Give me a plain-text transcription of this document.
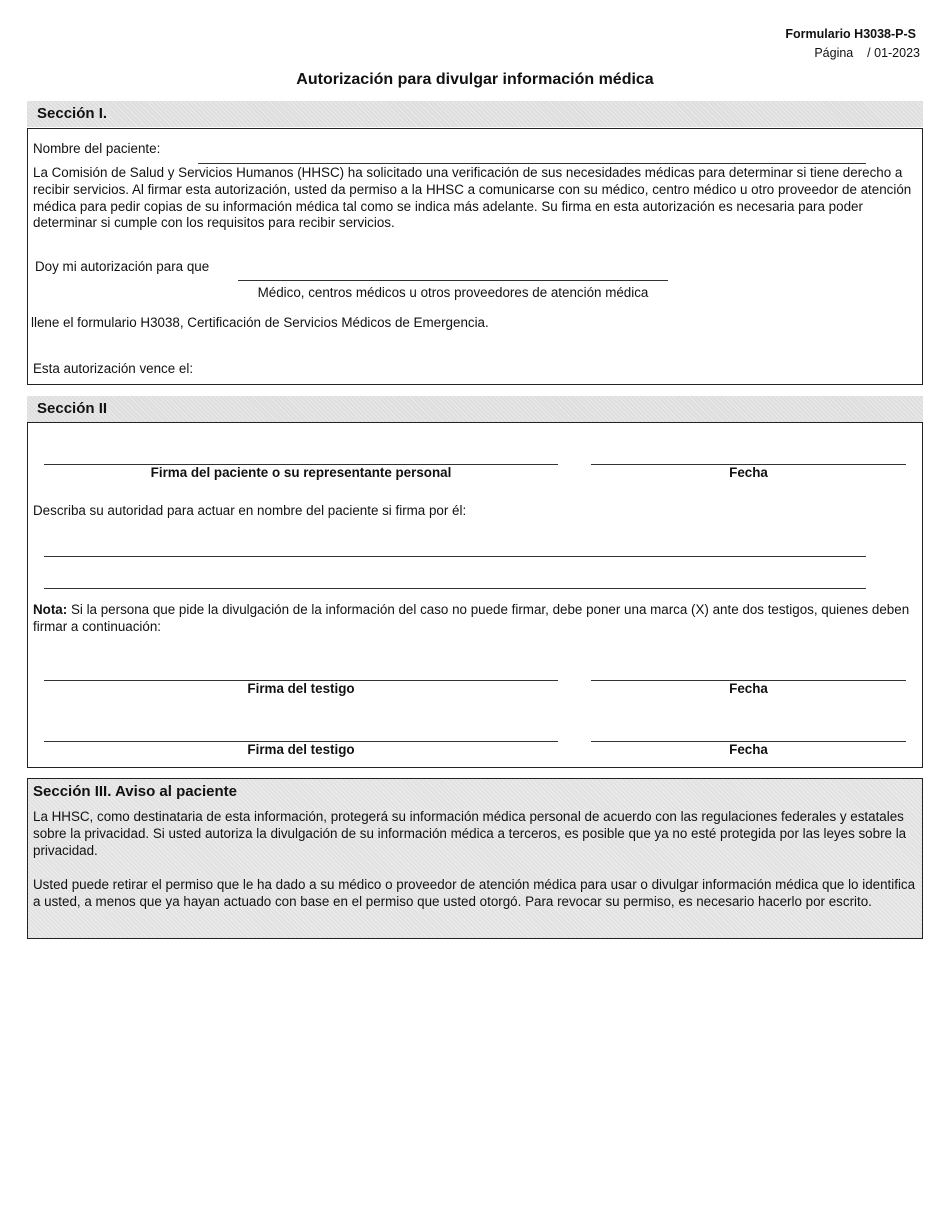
Formulario H3038-P-S
Página / 01-2023
Autorización para divulgar información médica
Sección I.
Nombre del paciente:
La Comisión de Salud y Servicios Humanos (HHSC) ha solicitado una verificación de sus necesidades médicas para determinar si tiene derecho a recibir servicios. Al firmar esta autorización, usted da permiso a la HHSC a comunicarse con su médico, centro médico u otro proveedor de atención médica para pedir copias de su información médica tal como se indica más adelante. Su firma en esta autorización es necesaria para poder determinar si cumple con los requisitos para recibir servicios.
Doy mi autorización para que
Médico, centros médicos u otros proveedores de atención médica
llene el formulario H3038, Certificación de Servicios Médicos de Emergencia.
Esta autorización vence el:
Sección II
Firma del paciente o su representante personal	Fecha
Describa su autoridad para actuar en nombre del paciente si firma por él:
Nota: Si la persona que pide la divulgación de la información del caso no puede firmar, debe poner una marca (X) ante dos testigos, quienes deben firmar a continuación:
Firma del testigo	Fecha
Firma del testigo	Fecha
Sección III. Aviso al paciente
La HHSC, como destinataria de esta información, protegerá su información médica personal de acuerdo con las regulaciones federales y estatales sobre la privacidad. Si usted autoriza la divulgación de su información médica a terceros, es posible que ya no esté protegida por las leyes sobre la privacidad.
Usted puede retirar el permiso que le ha dado a su médico o proveedor de atención médica para usar o divulgar información médica que lo identifica a usted, a menos que ya hayan actuado con base en el permiso que usted otorgó. Para revocar su permiso, es necesario hacerlo por escrito.
